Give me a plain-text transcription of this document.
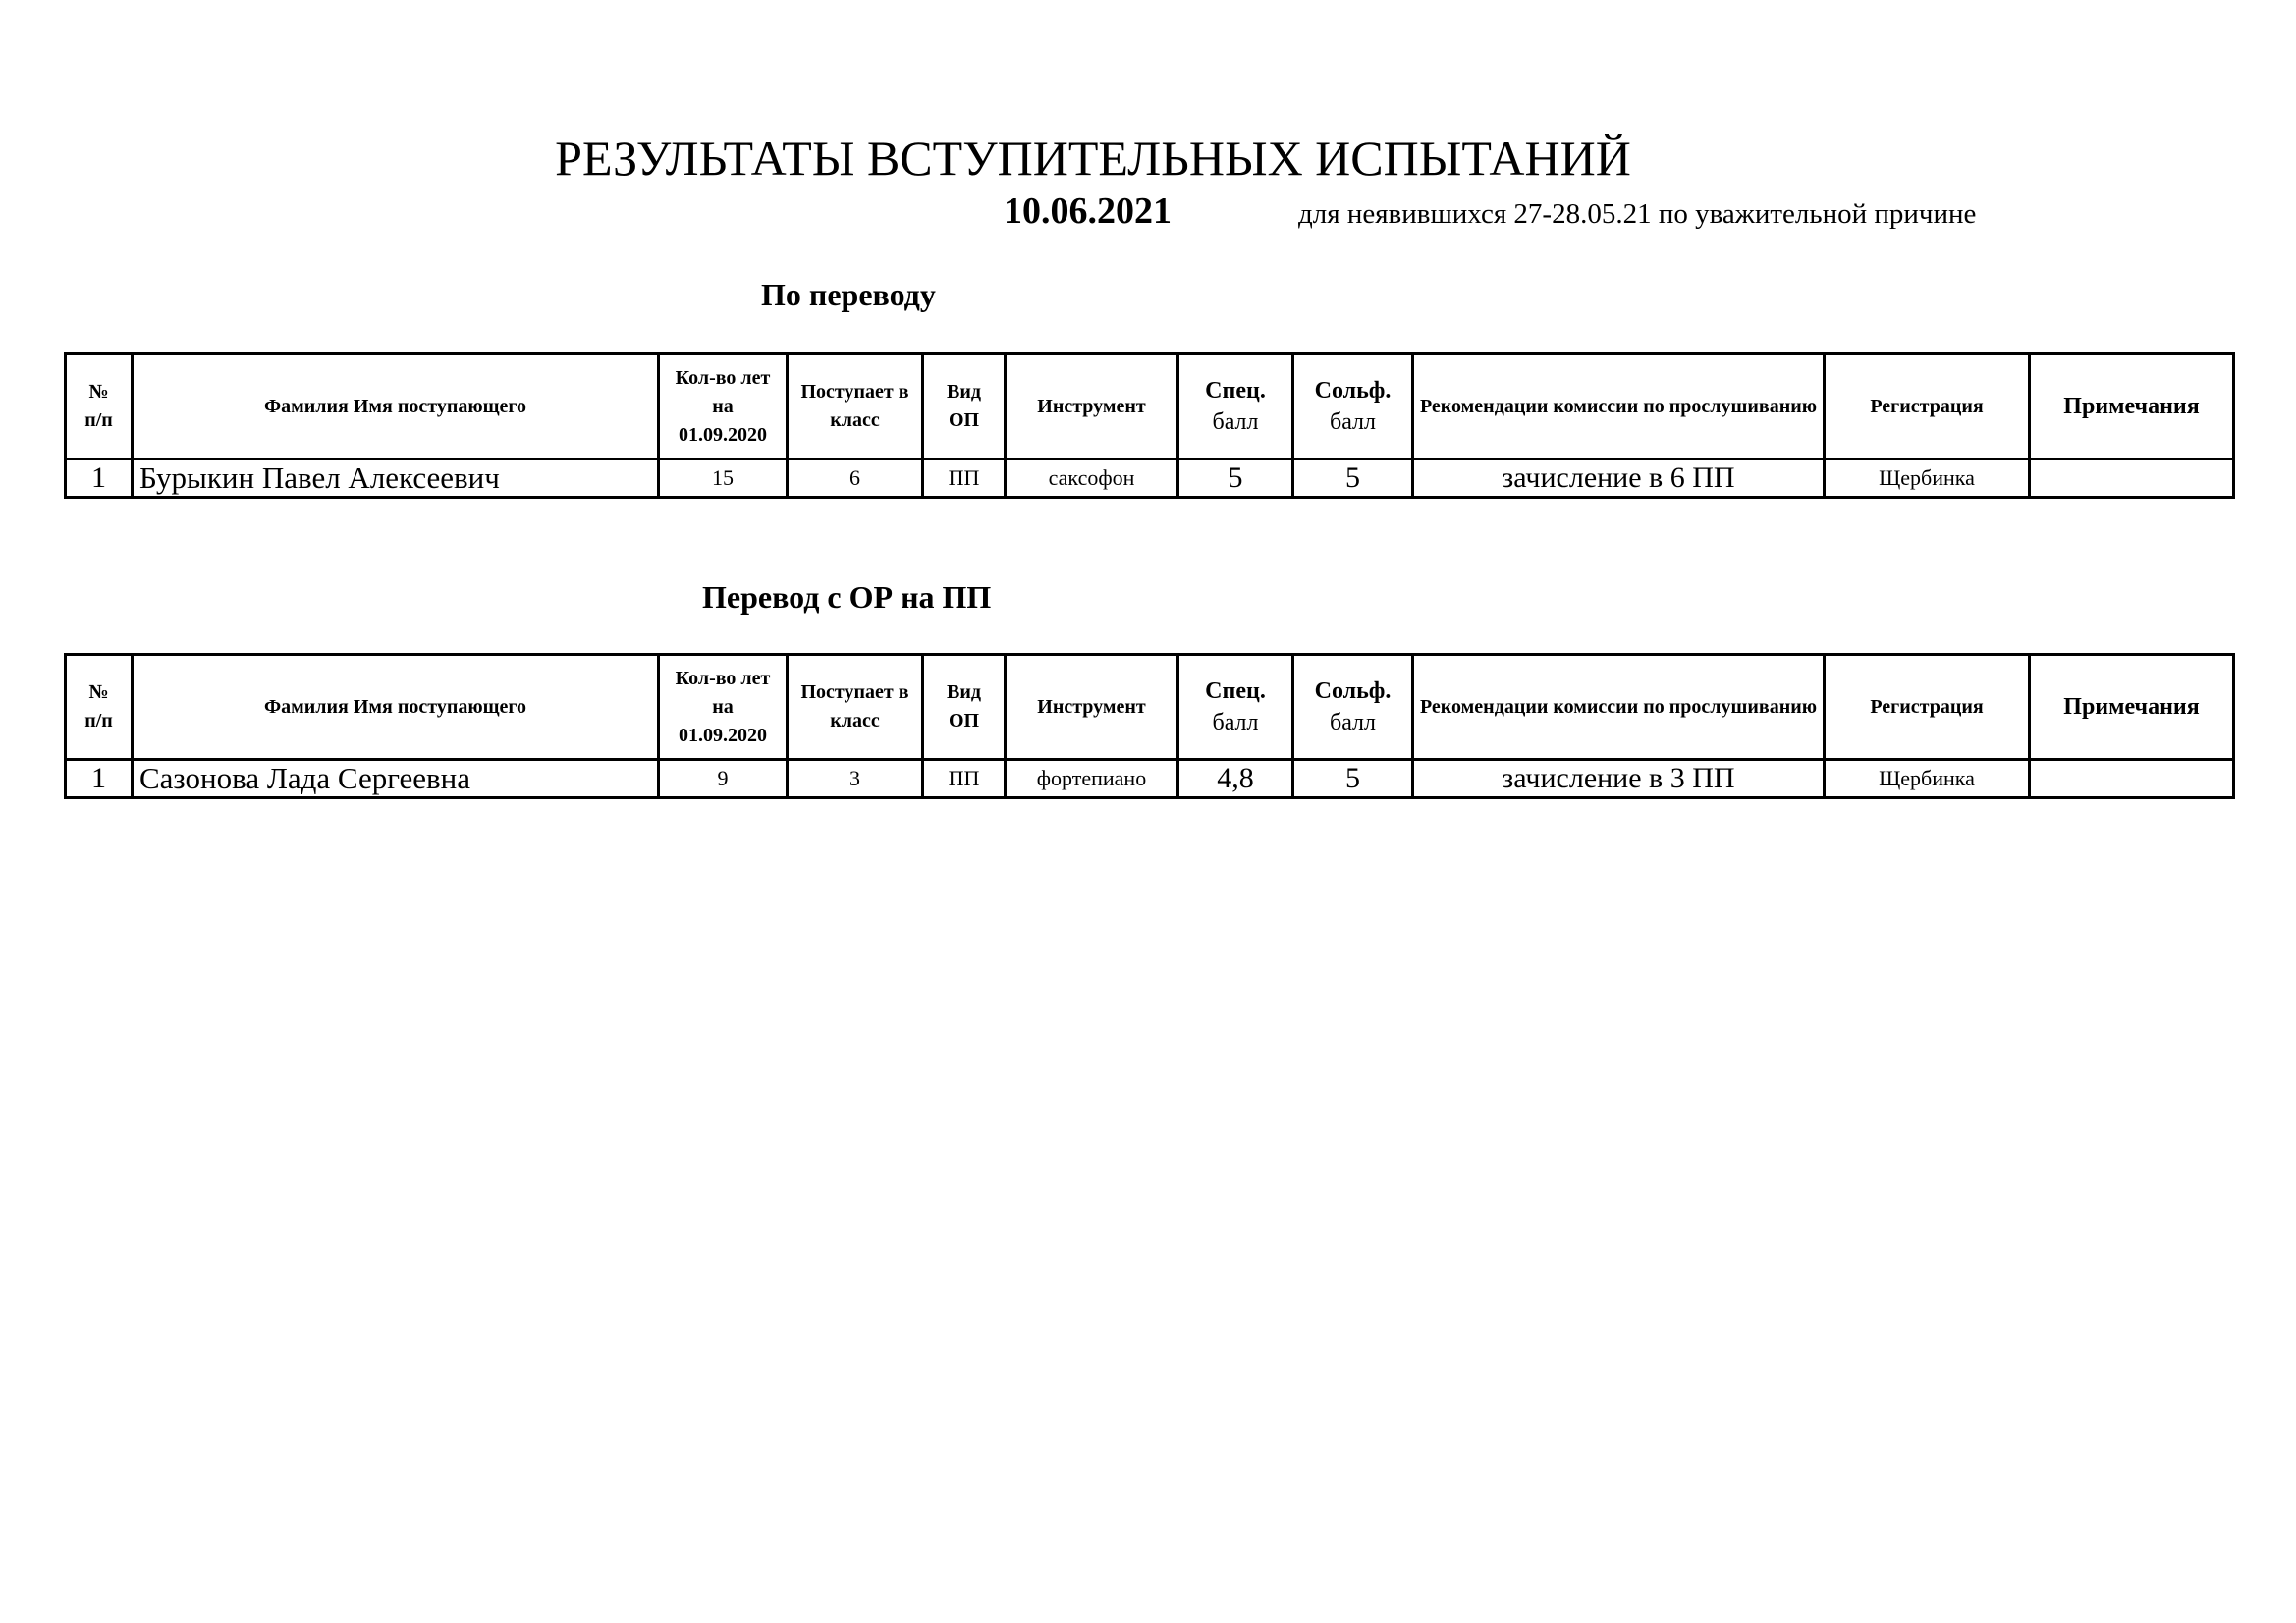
РЕЗУЛЬТАТЫ ВСТУПИТЕЛЬНЫХ ИСПЫТАНИЙ
10.06.2021	для неявившихся 27-28.05.21 по уважительной причине
По переводу
№
п/п	Фамилия Имя поступающего	Кол-во лет
на
01.09.2020	Поступает в класс	Вид
ОП	Инструмент	Спец.
балл	Сольф.
балл	Рекомендации комиссии по прослушиванию	Регистрация	Примечания
1	Бурыкин Павел Алексеевич	15	6	ПП	саксофон	5	5	зачисление в 6 ПП	Щербинка	
Перевод с ОР на ПП
№
п/п	Фамилия Имя поступающего	Кол-во лет
на
01.09.2020	Поступает в класс	Вид
ОП	Инструмент	Спец.
балл	Сольф.
балл	Рекомендации комиссии по прослушиванию	Регистрация	Примечания
1	Сазонова Лада Сергеевна	9	3	ПП	фортепиано	4,8	5	зачисление в 3 ПП	Щербинка	
